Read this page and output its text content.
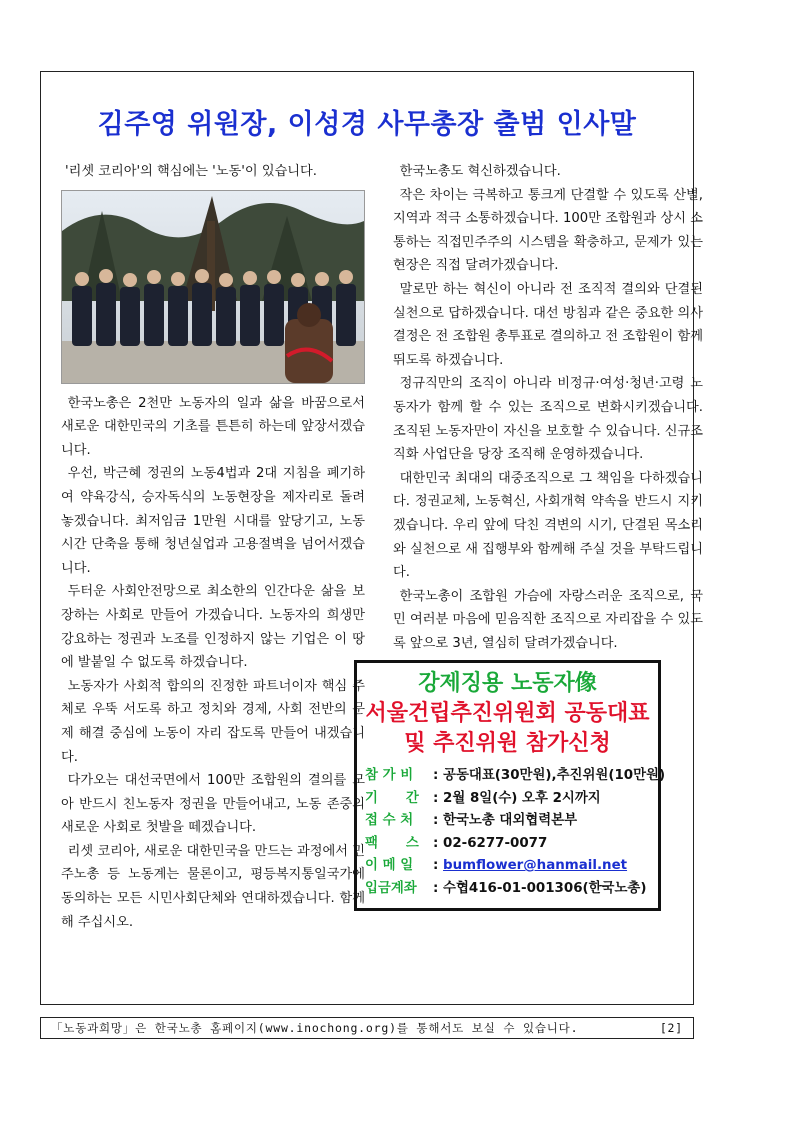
김주영 위원장, 이성경 사무총장 출범 인사말

'리셋 코리아'의 핵심에는 '노동'이 있습니다.

한국노총은 2천만 노동자의 일과 삶을 바꿈으로서 새로운 대한민국의 기초를 튼튼히 하는데 앞장서겠습니다.

우선, 박근혜 정권의 노동4법과 2대 지침을 폐기하여 약육강식, 승자독식의 노동현장을 제자리로 돌려놓겠습니다. 최저임금 1만원 시대를 앞당기고, 노동시간 단축을 통해 청년실업과 고용절벽을 넘어서겠습니다.

두터운 사회안전망으로 최소한의 인간다운 삶을 보장하는 사회로 만들어 가겠습니다. 노동자의 희생만 강요하는 정권과 노조를 인정하지 않는 기업은 이 땅에 발붙일 수 없도록 하겠습니다.

노동자가 사회적 합의의 진정한 파트너이자 핵심 주체로 우뚝 서도록 하고 정치와 경제, 사회 전반의 문제 해결 중심에 노동이 자리 잡도록 만들어 내겠습니다.

다가오는 대선국면에서 100만 조합원의 결의를 모아 반드시 친노동자 정권을 만들어내고, 노동 존중의 새로운 사회로 첫발을 떼겠습니다.

리셋 코리아, 새로운 대한민국을 만드는 과정에서 민주노총 등 노동계는 물론이고, 평등복지통일국가에 동의하는 모든 시민사회단체와 연대하겠습니다. 함께해 주십시오.

한국노총도 혁신하겠습니다.

작은 차이는 극복하고 통크게 단결할 수 있도록 산별, 지역과 적극 소통하겠습니다. 100만 조합원과 상시 소통하는 직접민주주의 시스템을 확충하고, 문제가 있는 현장은 직접 달려가겠습니다.

말로만 하는 혁신이 아니라 전 조직적 결의와 단결된 실천으로 답하겠습니다. 대선 방침과 같은 중요한 의사 결정은 전 조합원 총투표로 결의하고 전 조합원이 함께 뛰도록 하겠습니다.

정규직만의 조직이 아니라 비정규·여성·청년·고령 노동자가 함께 할 수 있는 조직으로 변화시키겠습니다. 조직된 노동자만이 자신을 보호할 수 있습니다. 신규조직화 사업단을 당장 조직해 운영하겠습니다.

대한민국 최대의 대중조직으로 그 책임을 다하겠습니다. 정권교체, 노동혁신, 사회개혁 약속을 반드시 지키겠습니다. 우리 앞에 닥친 격변의 시기, 단결된 목소리와 실천으로 새 집행부와 함께해 주실 것을 부탁드립니다.

한국노총이 조합원 가슴에 자랑스러운 조직으로, 국민 여러분 마음에 믿음직한 조직으로 자리잡을 수 있도록 앞으로 3년, 열심히 달려가겠습니다.

강제징용 노동자像
서울건립추진위원회 공동대표
및 추진위원 참가신청
참 가 비 : 공동대표(30만원),추진위원(10만원)
기      간 : 2월 8일(수) 오후 2시까지
접 수 처 : 한국노총 대외협력본부
팩      스 : 02-6277-0077
이 메 일 : bumflower@hanmail.net
입금계좌 : 수협416-01-001306(한국노총)
「노동과희망」은 한국노총 홈페이지(www.inochong.org)를 통해서도 보실 수 있습니다.	[2]
